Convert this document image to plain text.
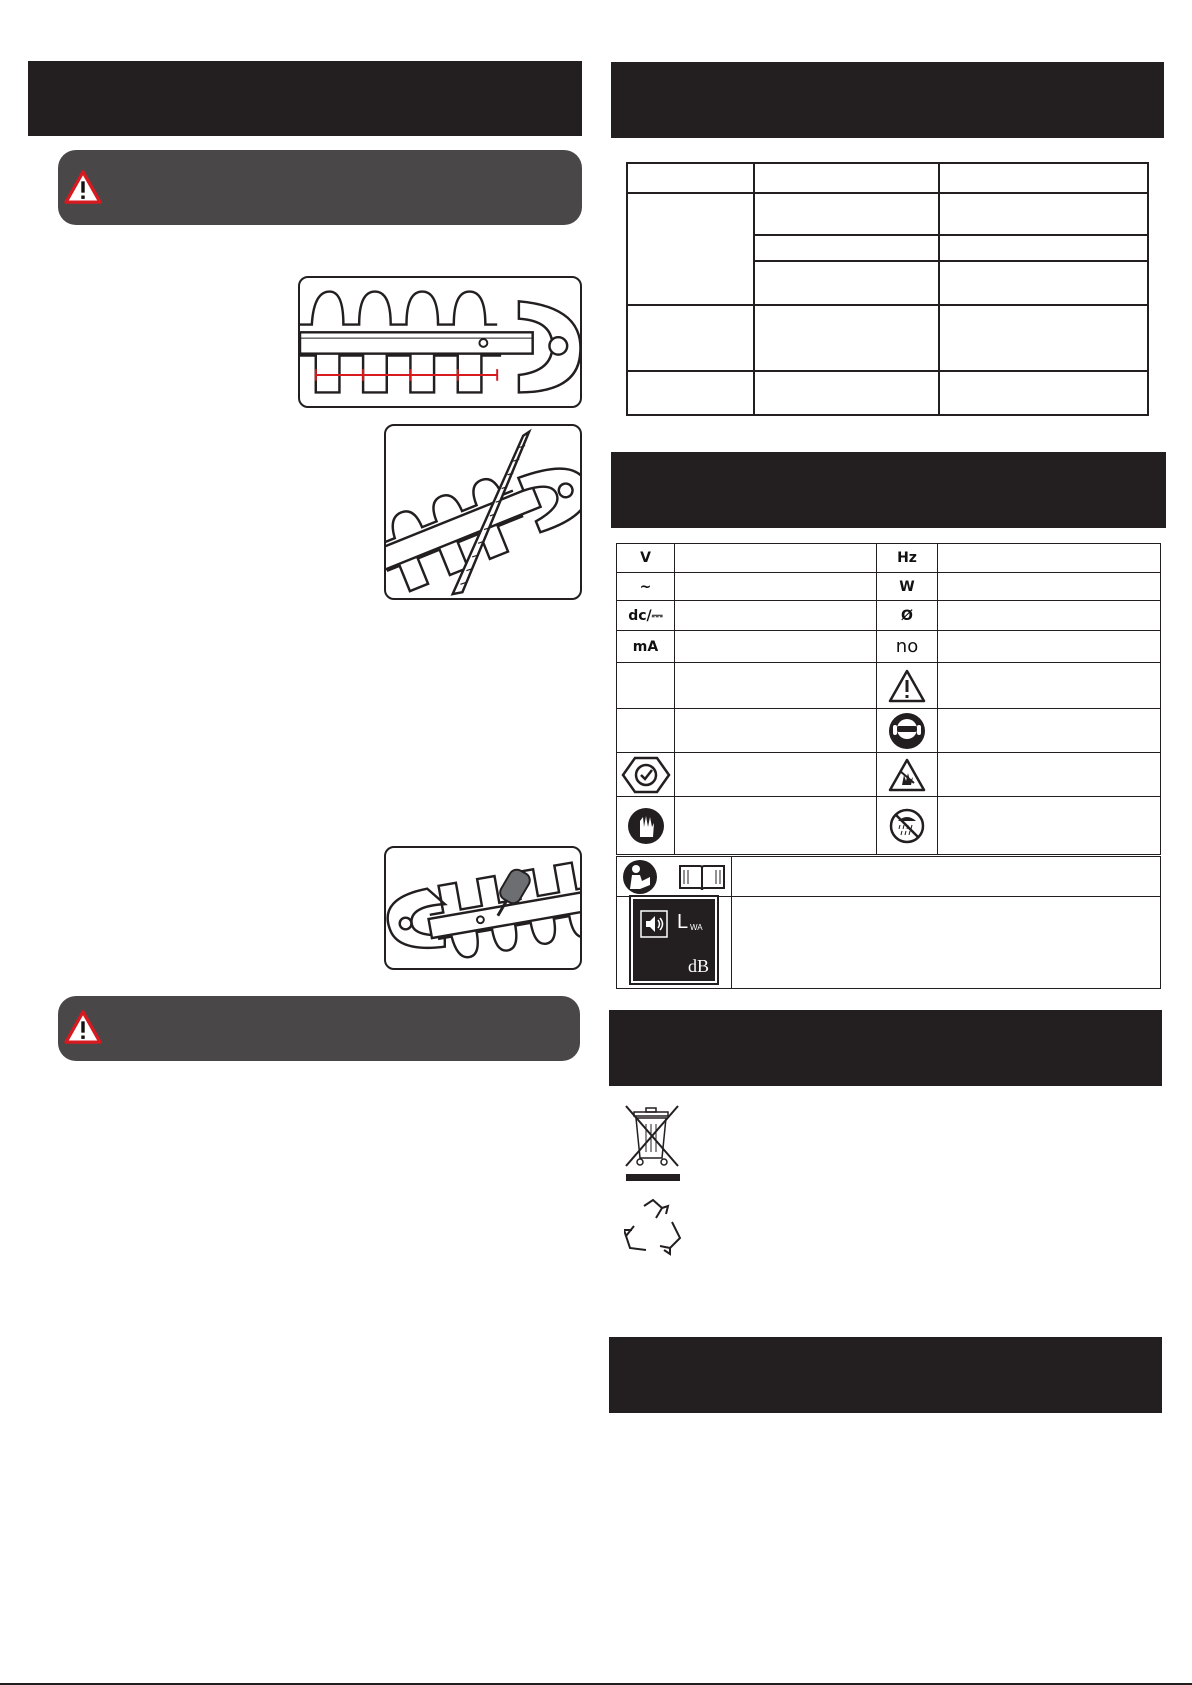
V		Hz	
~		W	
dc/⎓		Ø	
mA		no	

L WA
dB	
